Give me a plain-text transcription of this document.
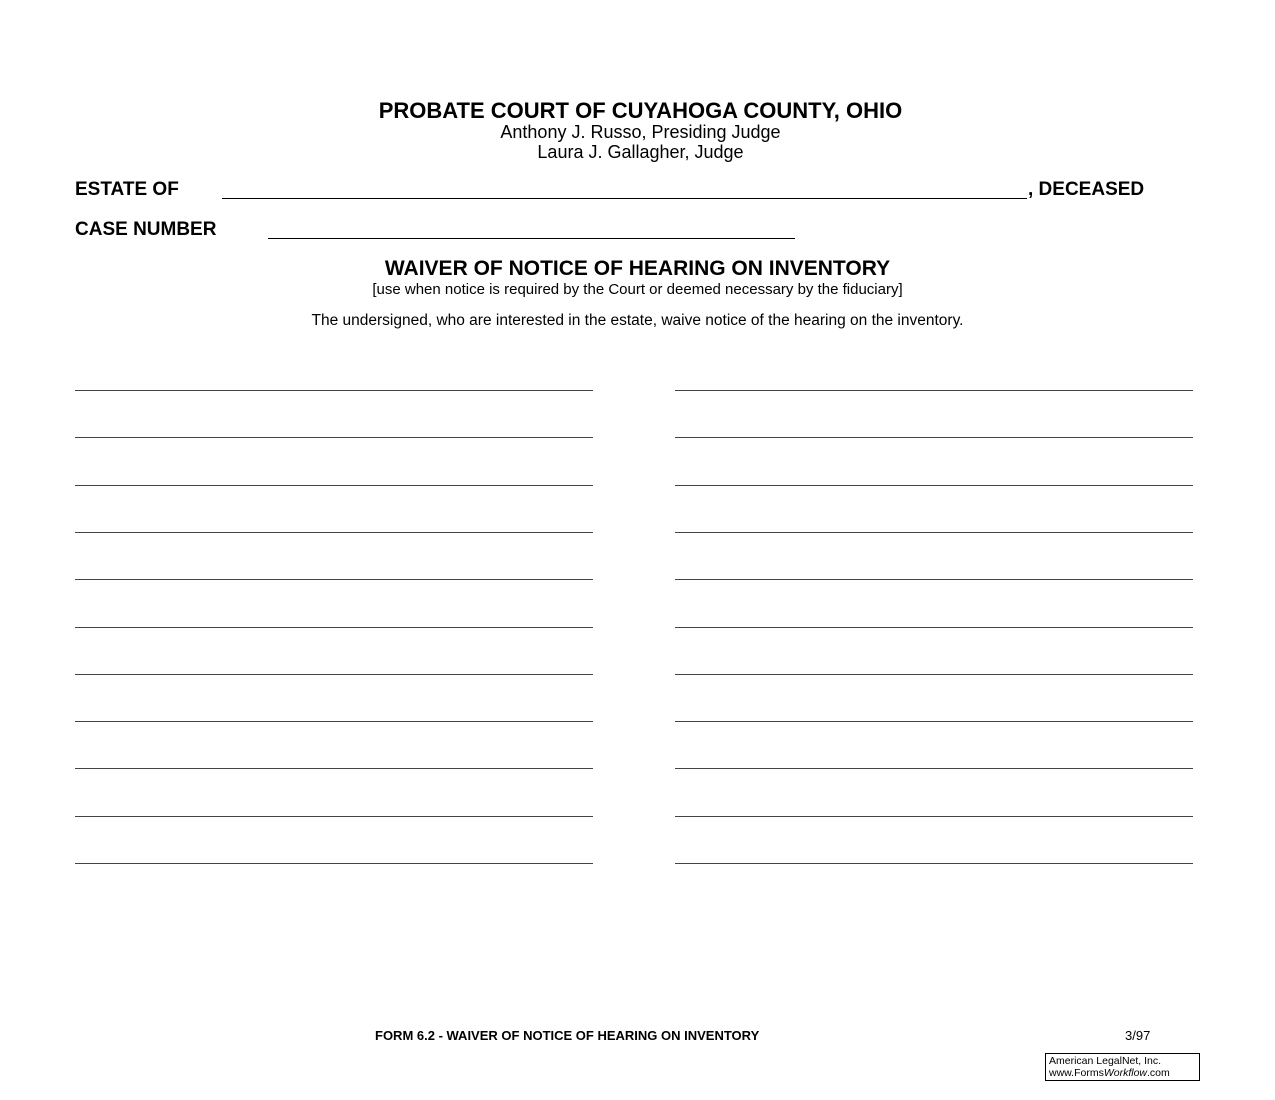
PROBATE COURT OF CUYAHOGA COUNTY, OHIO
Anthony J. Russo, Presiding Judge
Laura J. Gallagher, Judge
ESTATE OF	, DECEASED
CASE NUMBER
WAIVER OF NOTICE OF HEARING ON INVENTORY
[use when notice is required by the Court or deemed necessary by the fiduciary]
The undersigned, who are interested in the estate, waive notice of the hearing on the inventory.
FORM 6.2 - WAIVER OF NOTICE OF HEARING ON INVENTORY	3/97
American LegalNet, Inc.
www.FormsWorkflow.com
